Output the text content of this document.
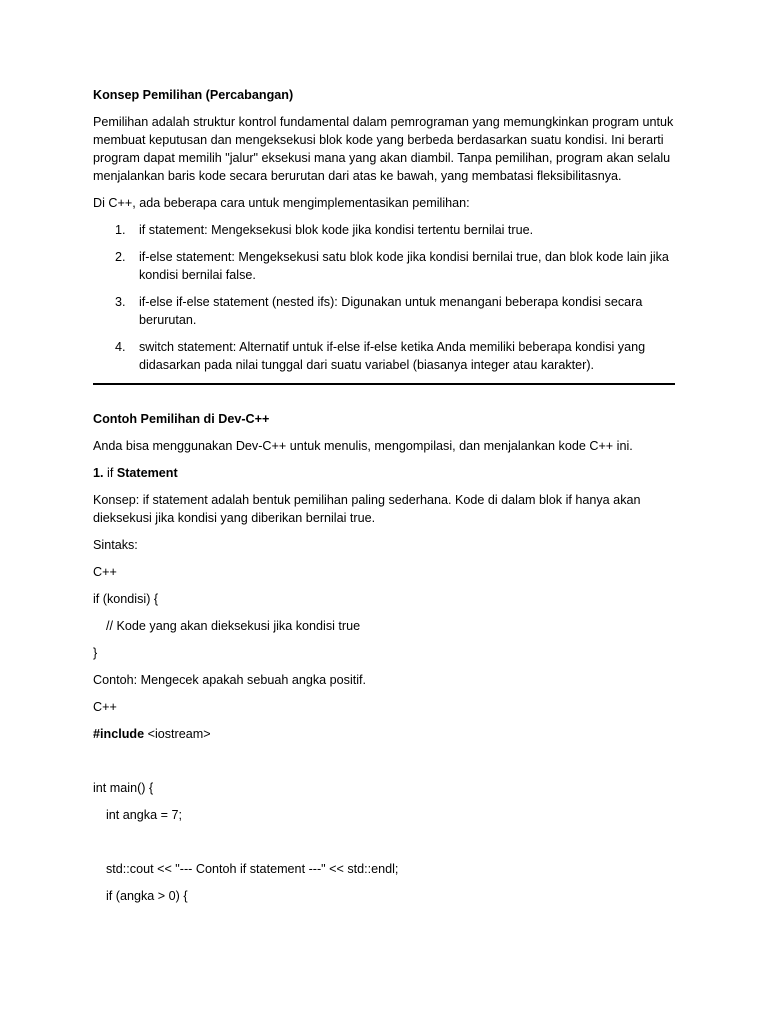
Konsep Pemilihan (Percabangan)

Pemilihan adalah struktur kontrol fundamental dalam pemrograman yang memungkinkan program untuk membuat keputusan dan mengeksekusi blok kode yang berbeda berdasarkan suatu kondisi. Ini berarti program dapat memilih "jalur" eksekusi mana yang akan diambil. Tanpa pemilihan, program akan selalu menjalankan baris kode secara berurutan dari atas ke bawah, yang membatasi fleksibilitasnya.

Di C++, ada beberapa cara untuk mengimplementasikan pemilihan:

1. if statement: Mengeksekusi blok kode jika kondisi tertentu bernilai true.
2. if-else statement: Mengeksekusi satu blok kode jika kondisi bernilai true, dan blok kode lain jika kondisi bernilai false.
3. if-else if-else statement (nested ifs): Digunakan untuk menangani beberapa kondisi secara berurutan.
4. switch statement: Alternatif untuk if-else if-else ketika Anda memiliki beberapa kondisi yang didasarkan pada nilai tunggal dari suatu variabel (biasanya integer atau karakter).

Contoh Pemilihan di Dev-C++

Anda bisa menggunakan Dev-C++ untuk menulis, mengompilasi, dan menjalankan kode C++ ini.

1. if Statement

Konsep: if statement adalah bentuk pemilihan paling sederhana. Kode di dalam blok if hanya akan dieksekusi jika kondisi yang diberikan bernilai true.

Sintaks:

C++

if (kondisi) {

// Kode yang akan dieksekusi jika kondisi true

}

Contoh: Mengecek apakah sebuah angka positif.

C++

#include <iostream>

int main() {

int angka = 7;

std::cout << "--- Contoh if statement ---" << std::endl;

if (angka > 0) {
